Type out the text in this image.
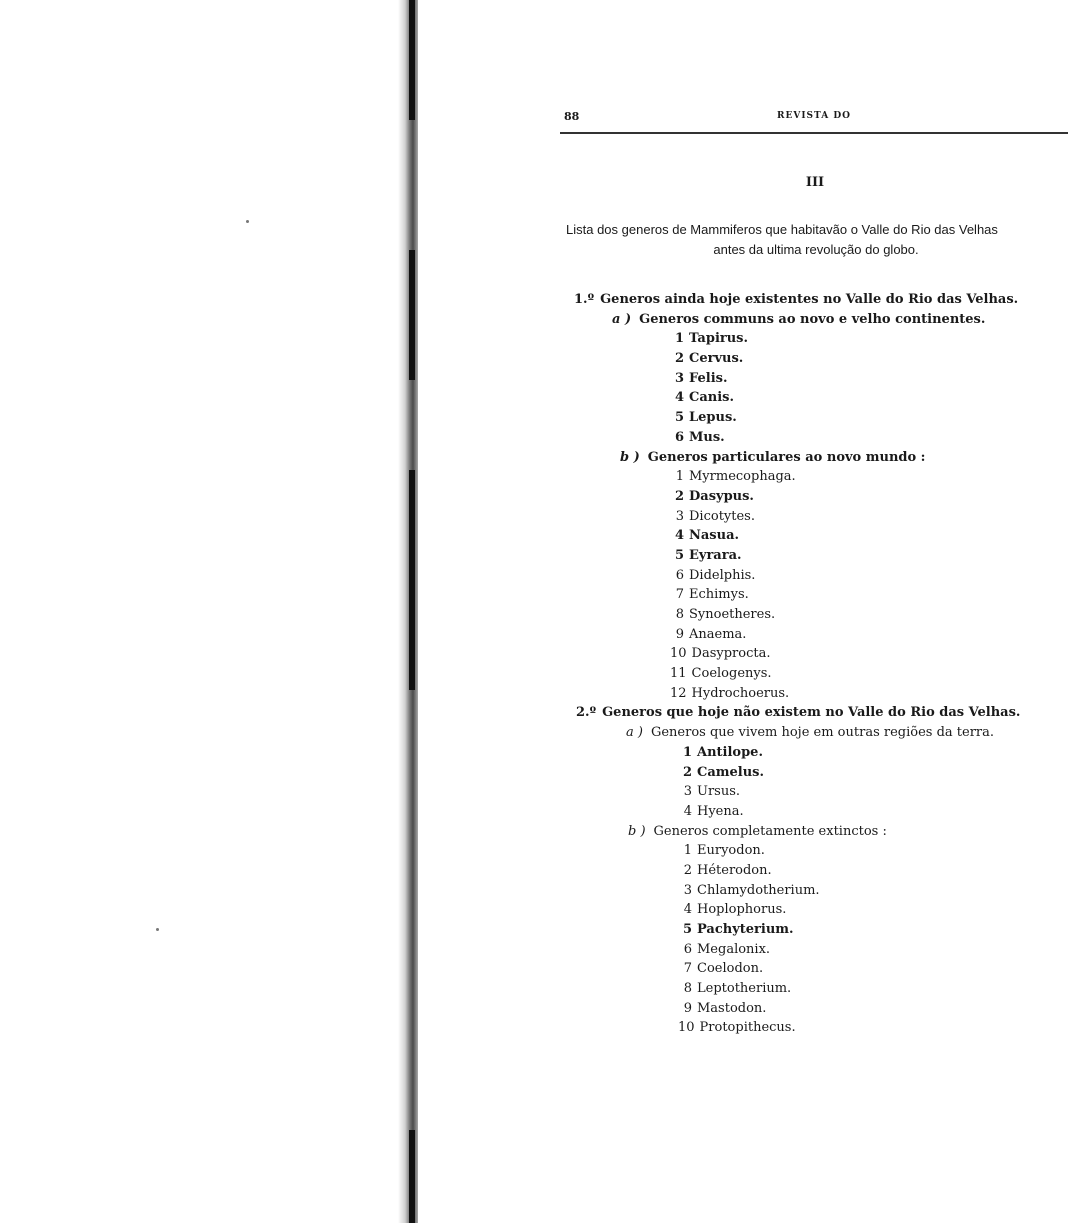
88	REVISTA DO
III
Lista dos generos de Mammiferos que habitavão o Valle do Rio das Velhas
antes da ultima revolução do globo.
1.º Generos ainda hoje existentes no Valle do Rio das Velhas.
a ) Generos communs ao novo e velho continentes.
1 Tapirus.
2 Cervus.
3 Felis.
4 Canis.
5 Lepus.
6 Mus.
b ) Generos particulares ao novo mundo :
1 Myrmecophaga.
2 Dasypus.
3 Dicotytes.
4 Nasua.
5 Eyrara.
6 Didelphis.
7 Echimys.
8 Synoetheres.
9 Anaema.
10 Dasyprocta.
11 Coelogenys.
12 Hydrochoerus.
2.º Generos que hoje não existem no Valle do Rio das Velhas.
a ) Generos que vivem hoje em outras regiões da terra.
1 Antilope.
2 Camelus.
3 Ursus.
4 Hyena.
b ) Generos completamente extinctos :
1 Euryodon.
2 Héterodon.
3 Chlamydotherium.
4 Hoplophorus.
5 Pachyterium.
6 Megalonix.
7 Coelodon.
8 Leptotherium.
9 Mastodon.
10 Protopithecus.
